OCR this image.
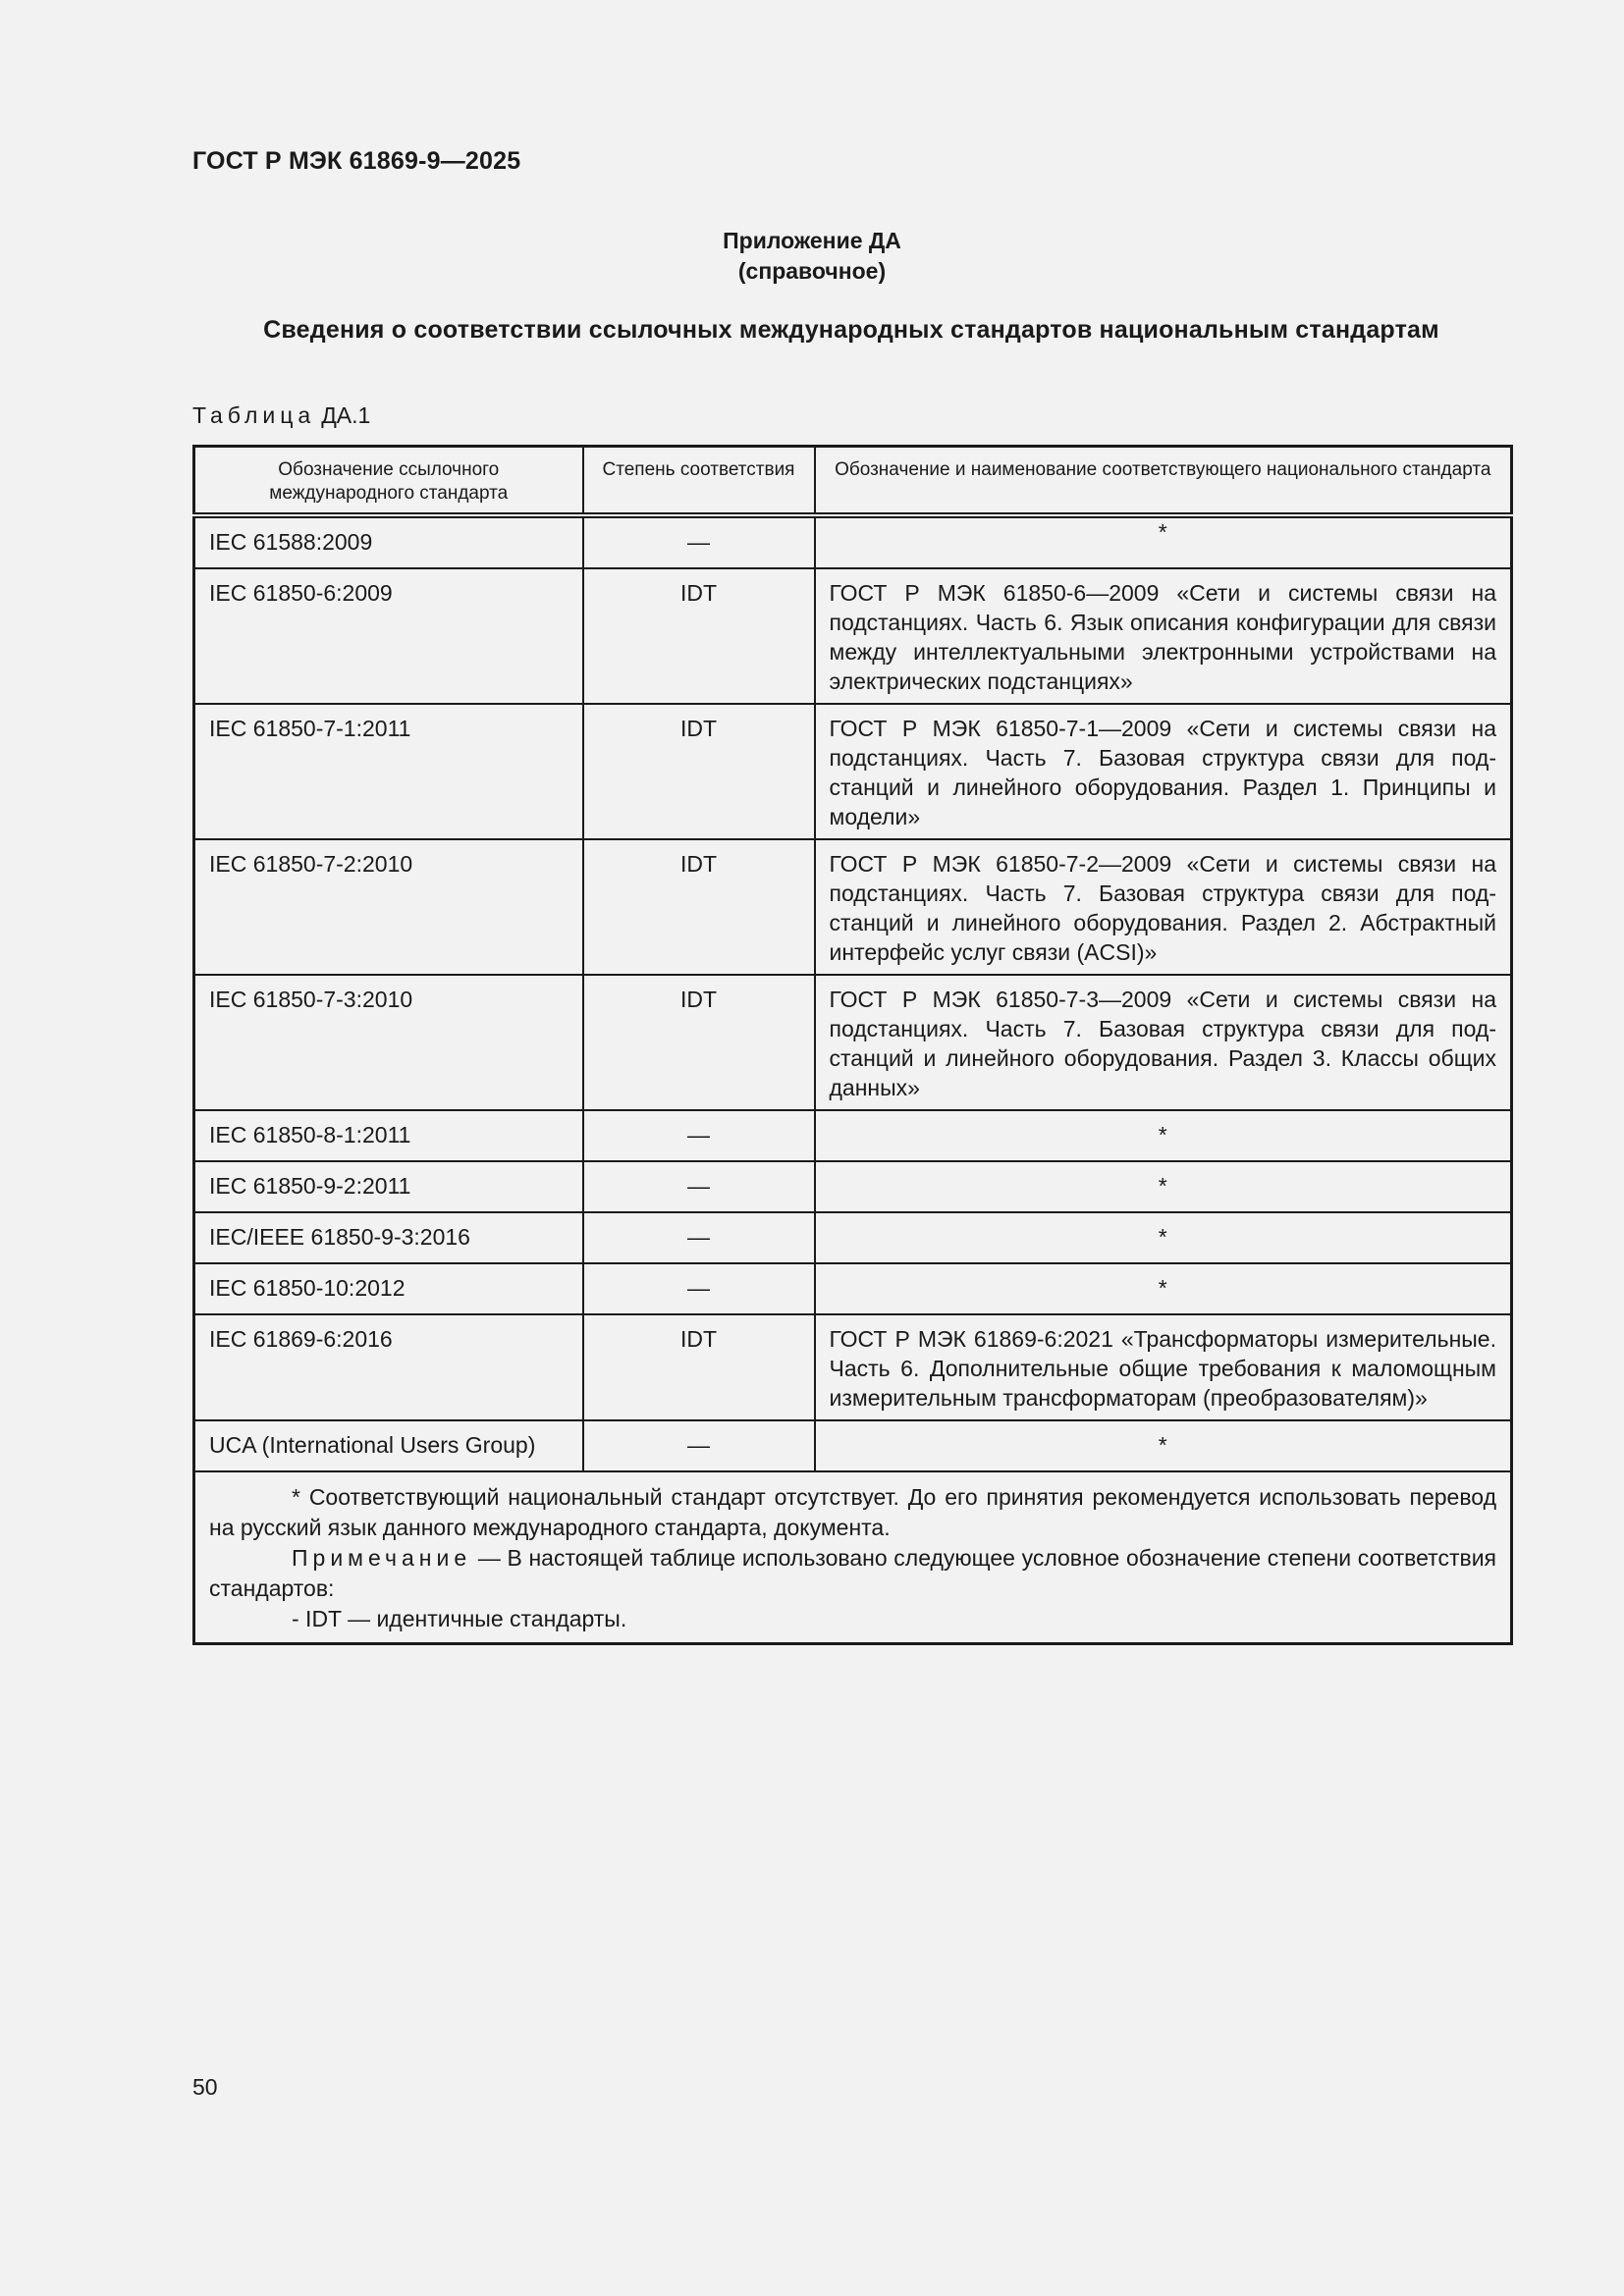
ГОСТ Р МЭК 61869-9—2025
Приложение ДА
(справочное)
Сведения о соответствии ссылочных международных стандартов национальным стандартам
Таблица ДА.1
Обозначение ссылочного международного стандарта	Степень соответствия	Обозначение и наименование соответствующего национального стандарта
IEC 61588:2009	—	*
IEC 61850-6:2009	IDT	ГОСТ Р МЭК 61850-6—2009 «Сети и системы связи на подстанциях. Часть 6. Язык описания конфигурации для связи между интеллектуальными электронными устройствами на электрических подстанциях»
IEC 61850-7-1:2011	IDT	ГОСТ Р МЭК 61850-7-1—2009 «Сети и системы связи на подстанциях. Часть 7. Базовая структура связи для подстанций и линейного оборудования. Раздел 1. Принципы и модели»
IEC 61850-7-2:2010	IDT	ГОСТ Р МЭК 61850-7-2—2009 «Сети и системы связи на подстанциях. Часть 7. Базовая структура связи для подстанций и линейного оборудования. Раздел 2. Абстрактный интерфейс услуг связи (ACSI)»
IEC 61850-7-3:2010	IDT	ГОСТ Р МЭК 61850-7-3—2009 «Сети и системы связи на подстанциях. Часть 7. Базовая структура связи для подстанций и линейного оборудования. Раздел 3. Классы общих данных»
IEC 61850-8-1:2011	—	*
IEC 61850-9-2:2011	—	*
IEC/IEEE 61850-9-3:2016	—	*
IEC 61850-10:2012	—	*
IEC 61869-6:2016	IDT	ГОСТ Р МЭК 61869-6:2021 «Трансформаторы измерительные. Часть 6. Дополнительные общие требования к маломощным измерительным трансформаторам (преобразователям)»
UCA (International Users Group)	—	*

* Соответствующий национальный стандарт отсутствует. До его принятия рекомендуется использовать перевод на русский язык данного международного стандарта, документа.
Примечание — В настоящей таблице использовано следующее условное обозначение степени соответствия стандартов:
- IDT — идентичные стандарты.		
50
